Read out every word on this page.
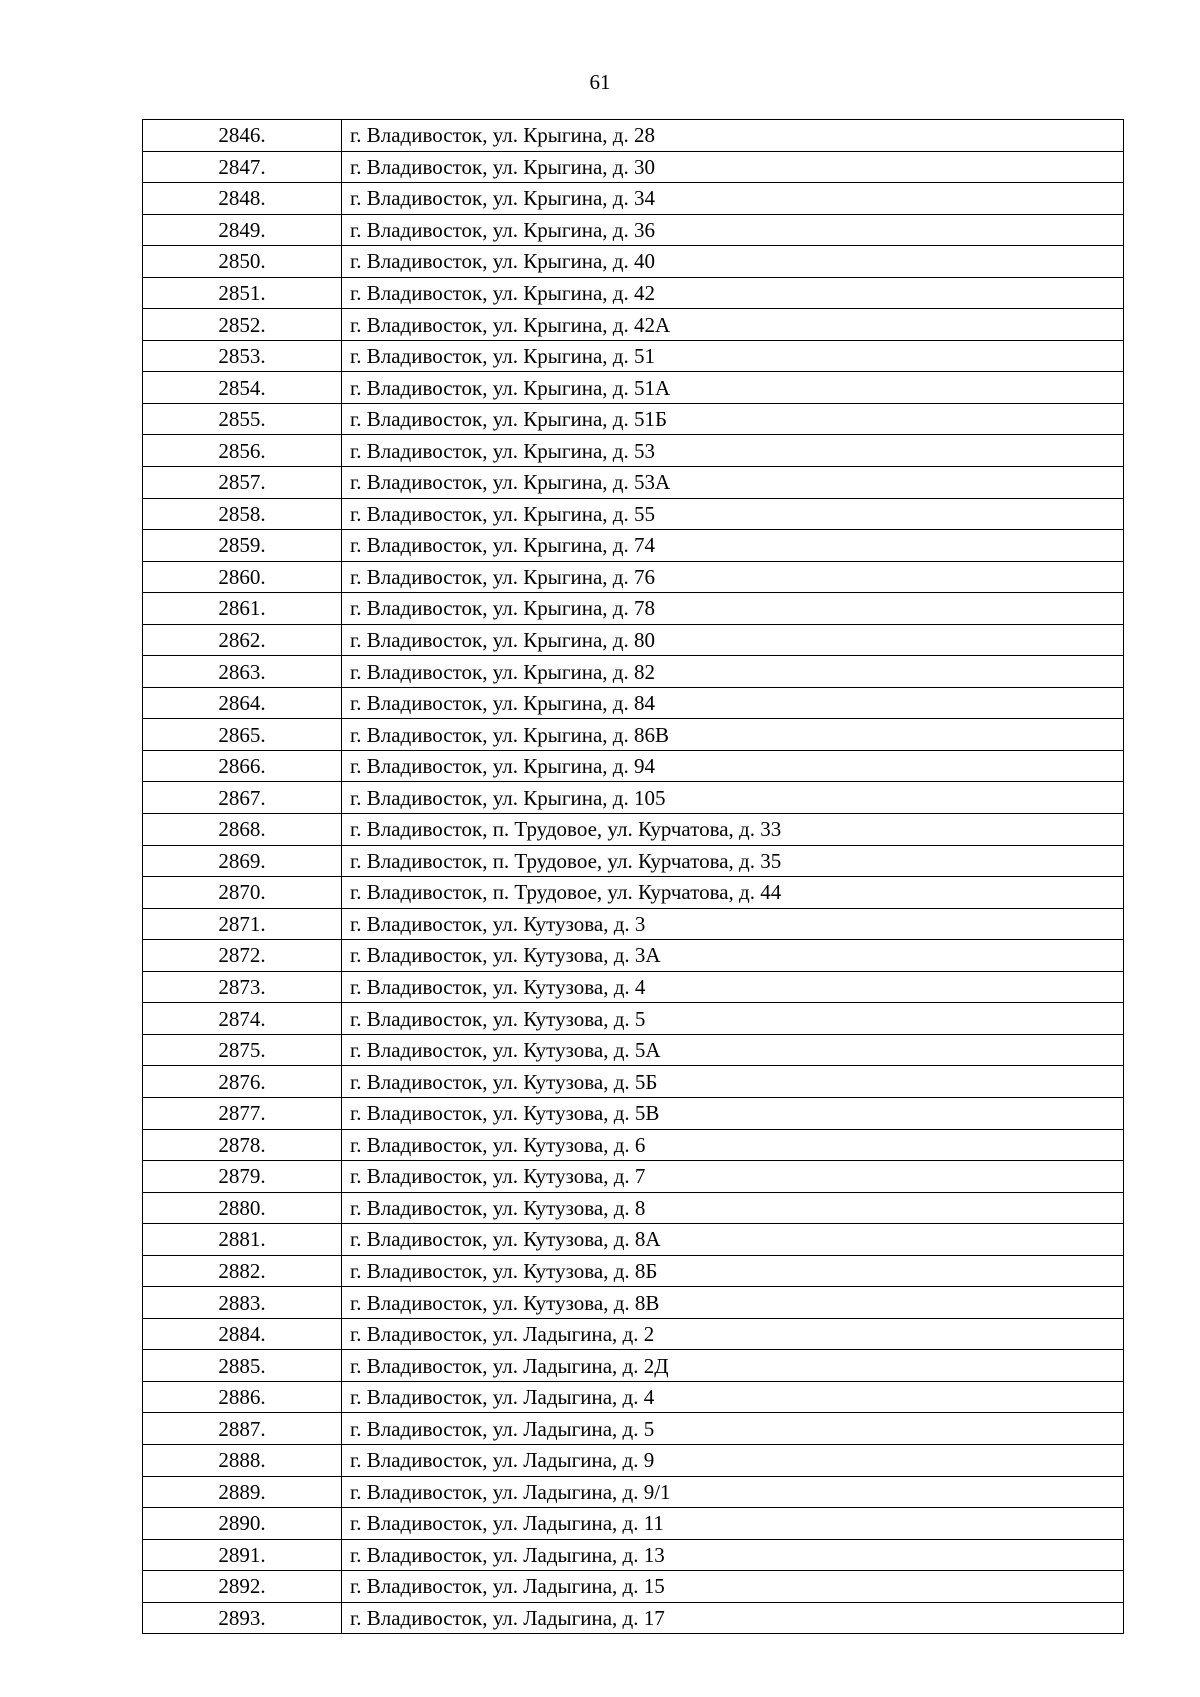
61
2846.	г. Владивосток, ул. Крыгина, д. 28
2847.	г. Владивосток, ул. Крыгина, д. 30
2848.	г. Владивосток, ул. Крыгина, д. 34
2849.	г. Владивосток, ул. Крыгина, д. 36
2850.	г. Владивосток, ул. Крыгина, д. 40
2851.	г. Владивосток, ул. Крыгина, д. 42
2852.	г. Владивосток, ул. Крыгина, д. 42А
2853.	г. Владивосток, ул. Крыгина, д. 51
2854.	г. Владивосток, ул. Крыгина, д. 51А
2855.	г. Владивосток, ул. Крыгина, д. 51Б
2856.	г. Владивосток, ул. Крыгина, д. 53
2857.	г. Владивосток, ул. Крыгина, д. 53А
2858.	г. Владивосток, ул. Крыгина, д. 55
2859.	г. Владивосток, ул. Крыгина, д. 74
2860.	г. Владивосток, ул. Крыгина, д. 76
2861.	г. Владивосток, ул. Крыгина, д. 78
2862.	г. Владивосток, ул. Крыгина, д. 80
2863.	г. Владивосток, ул. Крыгина, д. 82
2864.	г. Владивосток, ул. Крыгина, д. 84
2865.	г. Владивосток, ул. Крыгина, д. 86В
2866.	г. Владивосток, ул. Крыгина, д. 94
2867.	г. Владивосток, ул. Крыгина, д. 105
2868.	г. Владивосток, п. Трудовое, ул. Курчатова, д. 33
2869.	г. Владивосток, п. Трудовое, ул. Курчатова, д. 35
2870.	г. Владивосток, п. Трудовое, ул. Курчатова, д. 44
2871.	г. Владивосток, ул. Кутузова, д. 3
2872.	г. Владивосток, ул. Кутузова, д. 3А
2873.	г. Владивосток, ул. Кутузова, д. 4
2874.	г. Владивосток, ул. Кутузова, д. 5
2875.	г. Владивосток, ул. Кутузова, д. 5А
2876.	г. Владивосток, ул. Кутузова, д. 5Б
2877.	г. Владивосток, ул. Кутузова, д. 5В
2878.	г. Владивосток, ул. Кутузова, д. 6
2879.	г. Владивосток, ул. Кутузова, д. 7
2880.	г. Владивосток, ул. Кутузова, д. 8
2881.	г. Владивосток, ул. Кутузова, д. 8А
2882.	г. Владивосток, ул. Кутузова, д. 8Б
2883.	г. Владивосток, ул. Кутузова, д. 8В
2884.	г. Владивосток, ул. Ладыгина, д. 2
2885.	г. Владивосток, ул. Ладыгина, д. 2Д
2886.	г. Владивосток, ул. Ладыгина, д. 4
2887.	г. Владивосток, ул. Ладыгина, д. 5
2888.	г. Владивосток, ул. Ладыгина, д. 9
2889.	г. Владивосток, ул. Ладыгина, д. 9/1
2890.	г. Владивосток, ул. Ладыгина, д. 11
2891.	г. Владивосток, ул. Ладыгина, д. 13
2892.	г. Владивосток, ул. Ладыгина, д. 15
2893.	г. Владивосток, ул. Ладыгина, д. 17
